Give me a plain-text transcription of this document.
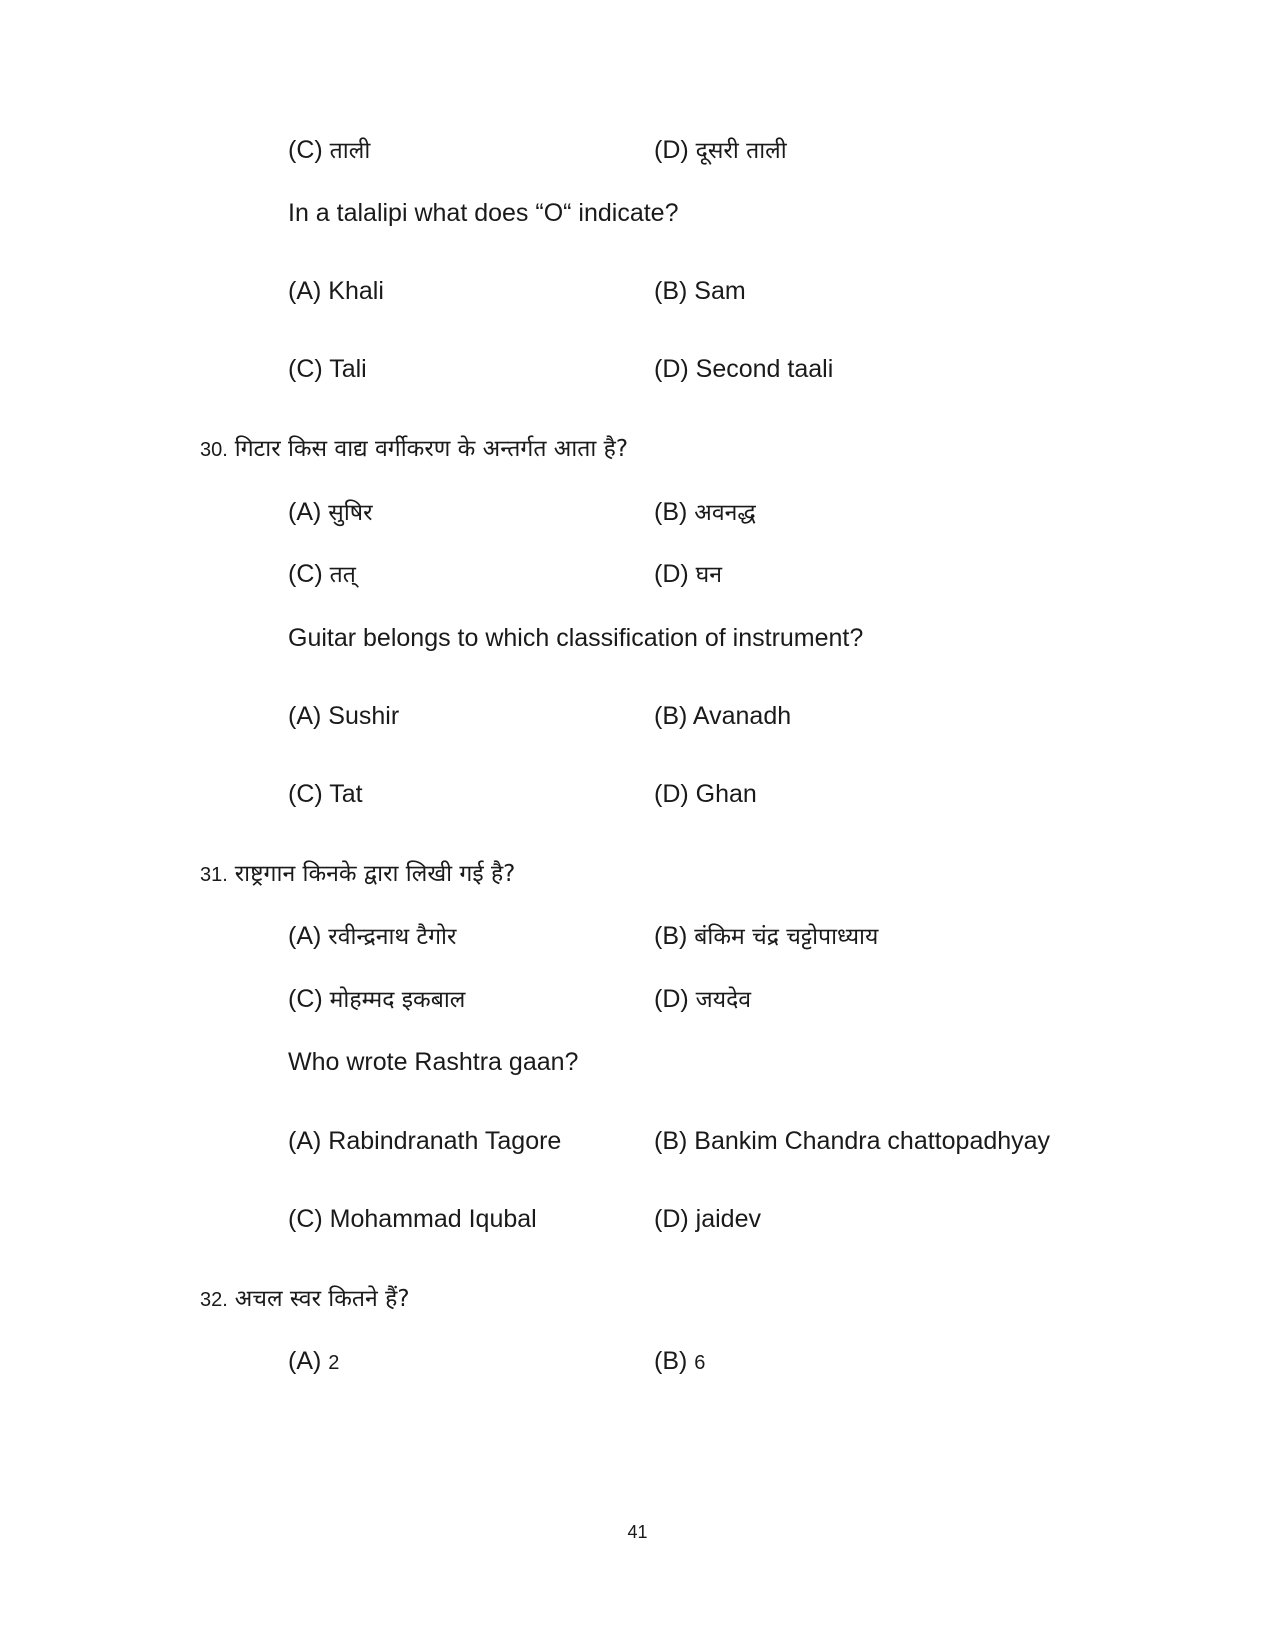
(C) ताली	(D) दूसरी ताली
In a talalipi what does “O“ indicate?
(A) Khali	(B) Sam
(C) Tali	(D) Second taali
30. गिटार किस वाद्य वर्गीकरण के अन्तर्गत आता है?
(A) सुषिर	(B) अवनद्ध
(C) तत्	(D) घन
Guitar belongs to which classification of instrument?
(A) Sushir	(B) Avanadh
(C) Tat	(D) Ghan
31. राष्ट्रगान किनके द्वारा लिखी गई है?
(A) रवीन्द्रनाथ टैगोर	(B) बंकिम चंद्र चट्टोपाध्याय
(C) मोहम्मद इकबाल	(D) जयदेव
Who wrote Rashtra gaan?
(A) Rabindranath Tagore	(B) Bankim Chandra chattopadhyay
(C) Mohammad Iqubal	(D) jaidev
32. अचल स्वर कितने हैं?
(A) 2	(B) 6
41
